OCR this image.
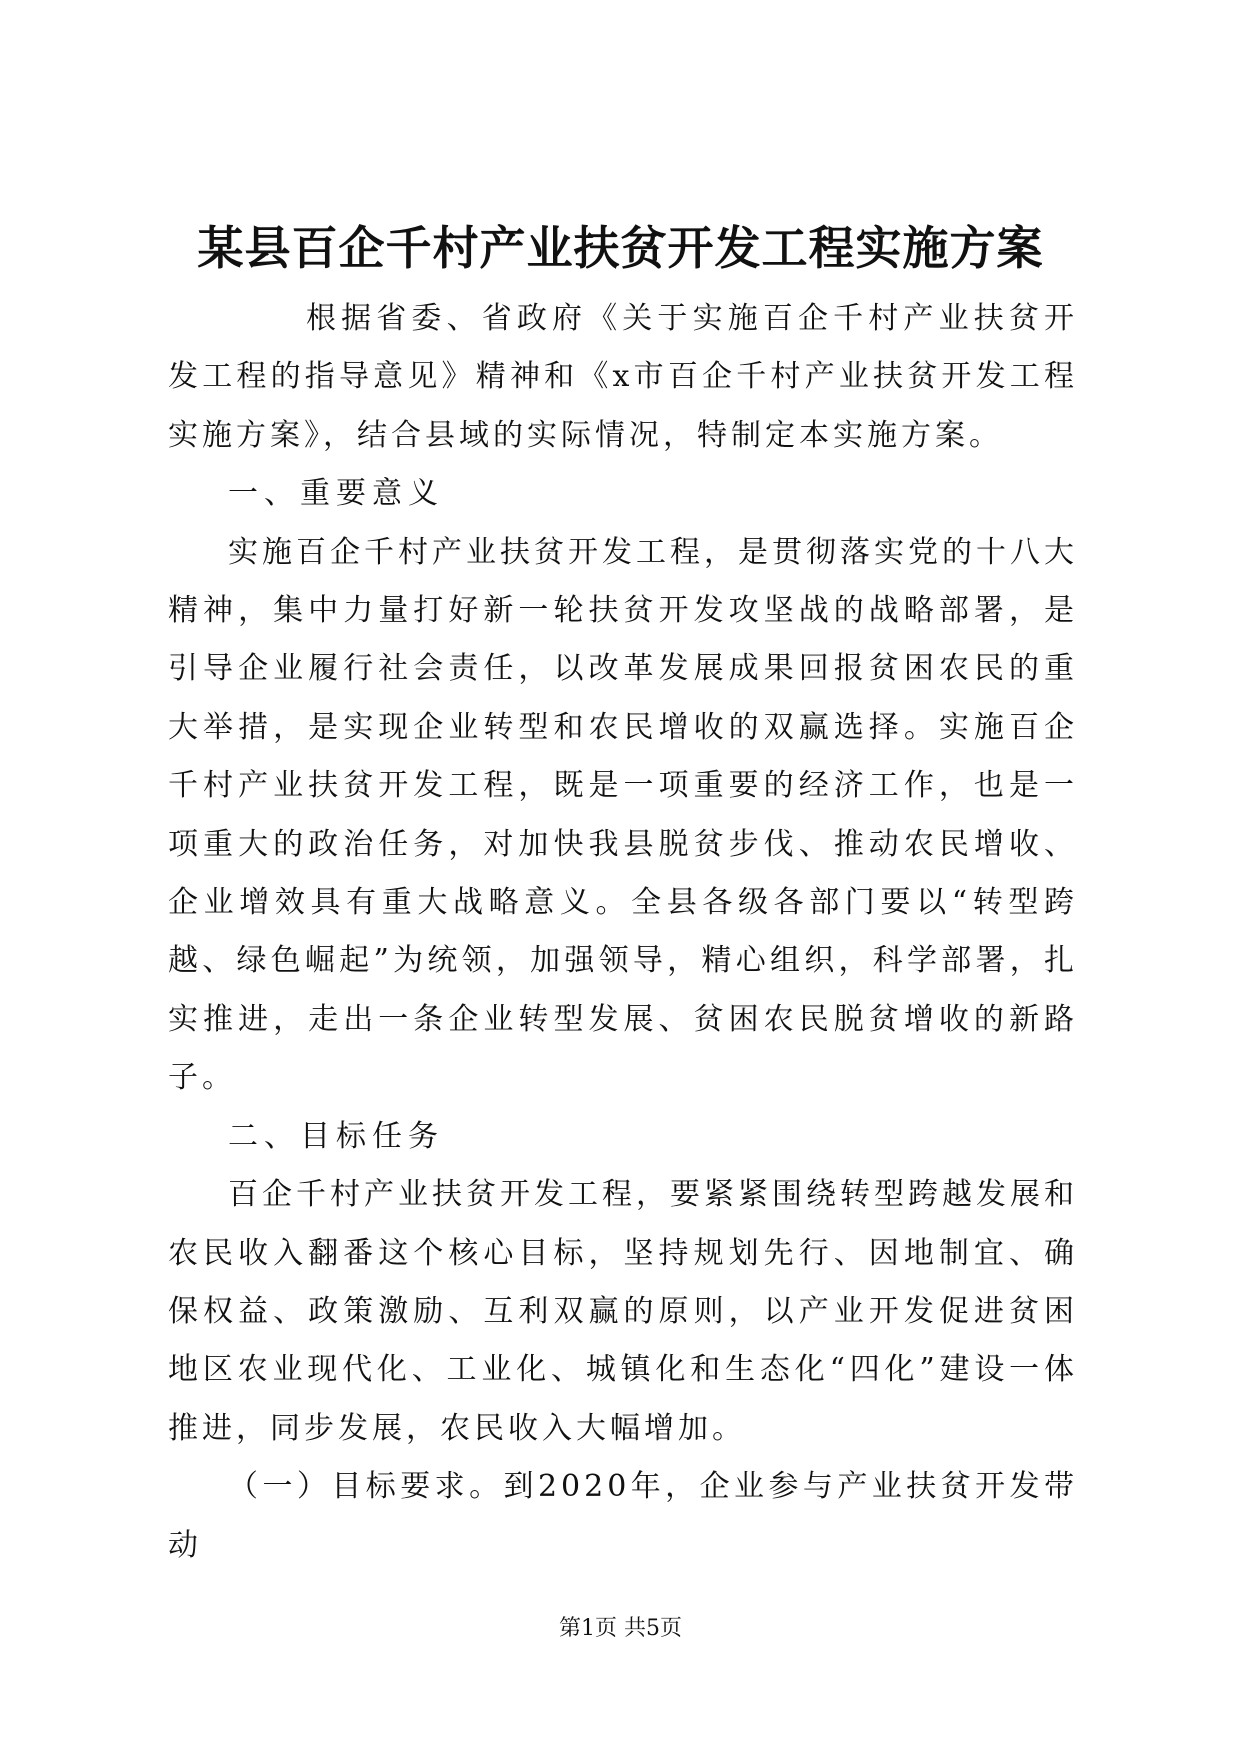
某县百企千村产业扶贫开发工程实施方案

根据省委、省政府《关于实施百企千村产业扶贫开发工程的指导意见》精神和《x市百企千村产业扶贫开发工程实施方案》，结合县域的实际情况，特制定本实施方案。

一、重要意义

实施百企千村产业扶贫开发工程，是贯彻落实党的十八大精神，集中力量打好新一轮扶贫开发攻坚战的战略部署，是引导企业履行社会责任，以改革发展成果回报贫困农民的重大举措，是实现企业转型和农民增收的双赢选择。实施百企千村产业扶贫开发工程，既是一项重要的经济工作，也是一项重大的政治任务，对加快我县脱贫步伐、推动农民增收、企业增效具有重大战略意义。全县各级各部门要以“转型跨越、绿色崛起”为统领，加强领导，精心组织，科学部署，扎实推进，走出一条企业转型发展、贫困农民脱贫增收的新路子。

二、目标任务

百企千村产业扶贫开发工程，要紧紧围绕转型跨越发展和农民收入翻番这个核心目标，坚持规划先行、因地制宜、确保权益、政策激励、互利双赢的原则，以产业开发促进贫困地区农业现代化、工业化、城镇化和生态化“四化”建设一体推进，同步发展，农民收入大幅增加。

（一）目标要求。到2020年，企业参与产业扶贫开发带动

第1页 共5页
